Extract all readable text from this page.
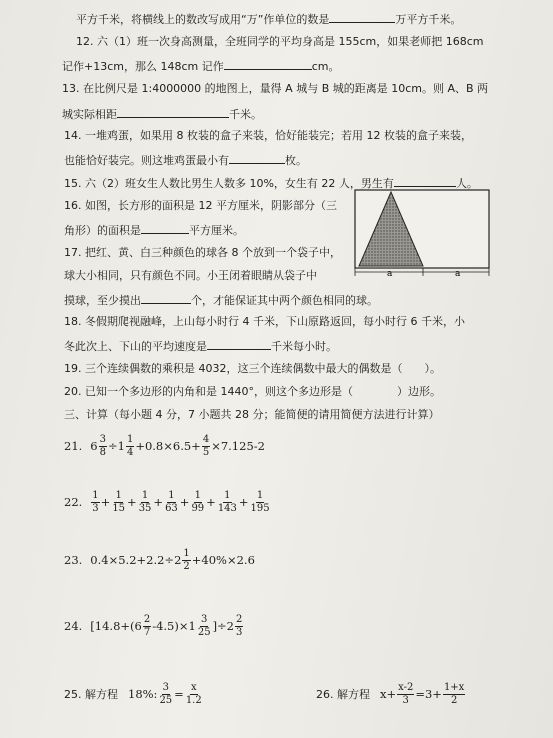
平方千米，将横线上的数改写成用“万”作单位的数是	万平方千米。
12. 六（1）班一次身高测量，全班同学的平均身高是 155cm，如果老师把 168cm
记作+13cm，那么 148cm 记作	cm。
13. 在比例尺是 1:4000000 的地图上，量得 A 城与 B 城的距离是 10cm。则 A、B 两
城实际相距	千米。
14. 一堆鸡蛋，如果用 8 枚装的盒子来装，恰好能装完；若用 12 枚装的盒子来装，
也能恰好装完。则这堆鸡蛋最小有	枚。
15. 六（2）班女生人数比男生人数多 10%，女生有 22 人，男生有	人。
16. 如图，长方形的面积是 12 平方厘米，阴影部分（三
角形）的面积是	平方厘米。
a	a
17. 把红、黄、白三种颜色的球各 8 个放到一个袋子中，
球大小相同，只有颜色不同。小王闭着眼睛从袋子中
摸球，至少摸出	个，才能保证其中两个颜色相同的球。
18. 冬假期爬视融峰，上山每小时行 4 千米，下山原路返回，每小时行 6 千米，小
冬此次上、下山的平均速度是	千米每小时。
19. 三个连续偶数的乘积是 4032，这三个连续偶数中最大的偶数是（　　）。
20. 已知一个多边形的内角和是 1440°，则这个多边形是（　　　　）边形。
三、计算（每小题 4 分，7 小题共 28 分；能简便的请用简便方法进行计算）
21. $6 \frac{3}{8} \div 1$ 1
$4 +0.8\times 6.5+ \frac{4}{5} \times 7.125-2$
22. 1
$3 + \frac{1}{15} + \frac{1}{35} + \frac{1}{63} + \frac{1}{99} + \frac{1}{143} + \frac{1}{195}$
23. 0.4×5.2+2.2÷2 1
2 +40%×2.6
24. [14.8+(6 2
7 -4.5)×1 3
25 ]÷2 2
3
25. 解方程 18%: $\frac{3}{25} = \frac{x}{1.2}$	26. 解方程 $x+ \frac{x-2}{3} =3+ \frac{1+x}{2}$
